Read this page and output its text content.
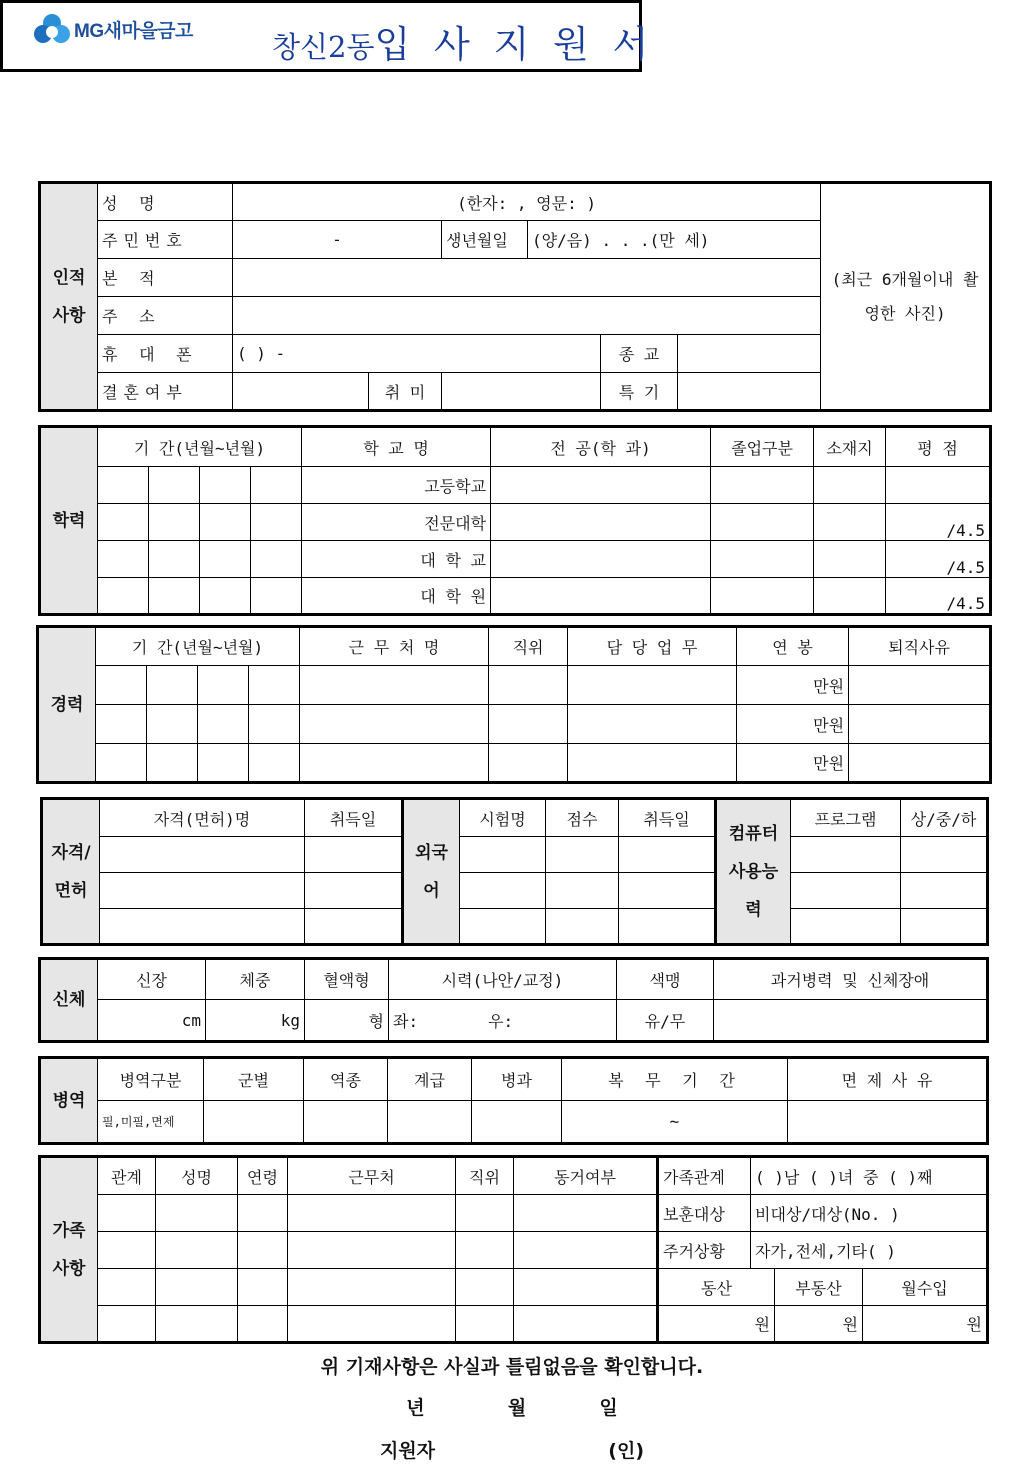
MG새마을금고	창신2동입 사 지 원 서
인적사항	성 명	(한자: , 영문: )						(최근 6개월이내 촬영한 사진)
	주민번호	-		생년월일	(양/음) . . .(만 세)			
	본 적							
	주 소							
	휴 대 폰	( ) -				종 교		
	결혼여부		취 미			특 기		
학력	기 간(년월~년월)				학 교 명	전 공(학 과)	졸업구분	소재지	평 점
					고등학교				
					전문대학				/4.5
					대 학 교				/4.5
					대 학 원				/4.5
경력	기 간(년월~년월)				근 무 처 명	직위	담 당 업 무	연 봉	퇴직사유
								만원	
								만원	
								만원	
자격/면허	자격(면허)명	취득일	외국어	시험명	점수	취득일	컴퓨터 사용능력	프로그램	상/중/하

신체	신장	체중	혈액형	시력(나안/교정)	색맹	과거병력 및 신체장애
	cm	kg	형	좌: 우:	유/무	
병역	병역구분	군별	역종	계급	병과	복 무 기 간	면 제 사 유
	필,미필,면제					~	
가족사항	관계	성명	연령	근무처	직위	동거여부	가족관계	( )남 ( )녀 중 ( )째		
							보훈대상	비대상/대상(No. )		
							주거상황	자가,전세,기타( )		
							동산		부동산	월수입
							원		원	원
위 기재사항은 사실과 틀림없음을 확인합니다.
년	월	일
지원자	(인)
